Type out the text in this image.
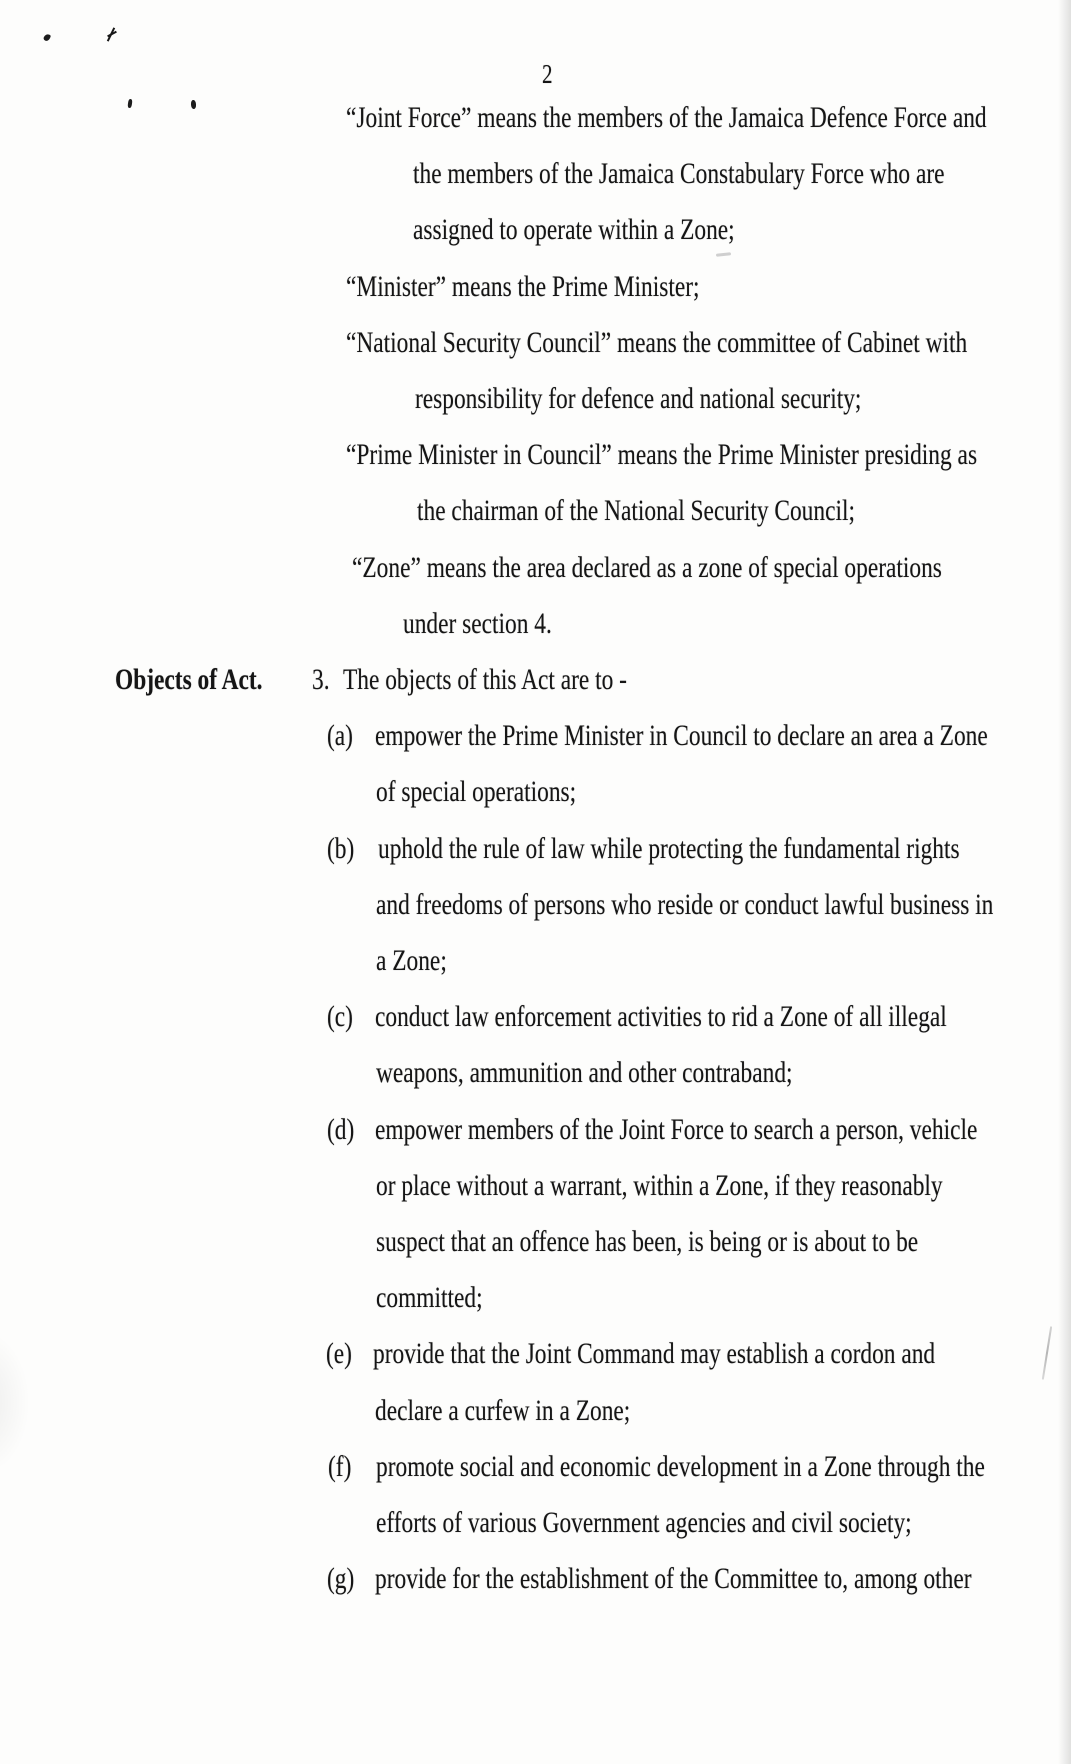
2
“Joint Force” means the members of the Jamaica Defence Force and
the members of the Jamaica Constabulary Force who are
assigned to operate within a Zone;
“Minister” means the Prime Minister;
“National Security Council” means the committee of Cabinet with
responsibility for defence and national security;
“Prime Minister in Council” means the Prime Minister presiding as
the chairman of the National Security Council;
“Zone” means the area declared as a zone of special operations
under section 4.
Objects of Act. 3. The objects of this Act are to -
(a) empower the Prime Minister in Council to declare an area a Zone
of special operations;
(b) uphold the rule of law while protecting the fundamental rights
and freedoms of persons who reside or conduct lawful business in
a Zone;
(c) conduct law enforcement activities to rid a Zone of all illegal
weapons, ammunition and other contraband;
(d) empower members of the Joint Force to search a person, vehicle
or place without a warrant, within a Zone, if they reasonably
suspect that an offence has been, is being or is about to be
committed;
(e) provide that the Joint Command may establish a cordon and
declare a curfew in a Zone;
(f) promote social and economic development in a Zone through the
efforts of various Government agencies and civil society;
(g) provide for the establishment of the Committee to, among other
